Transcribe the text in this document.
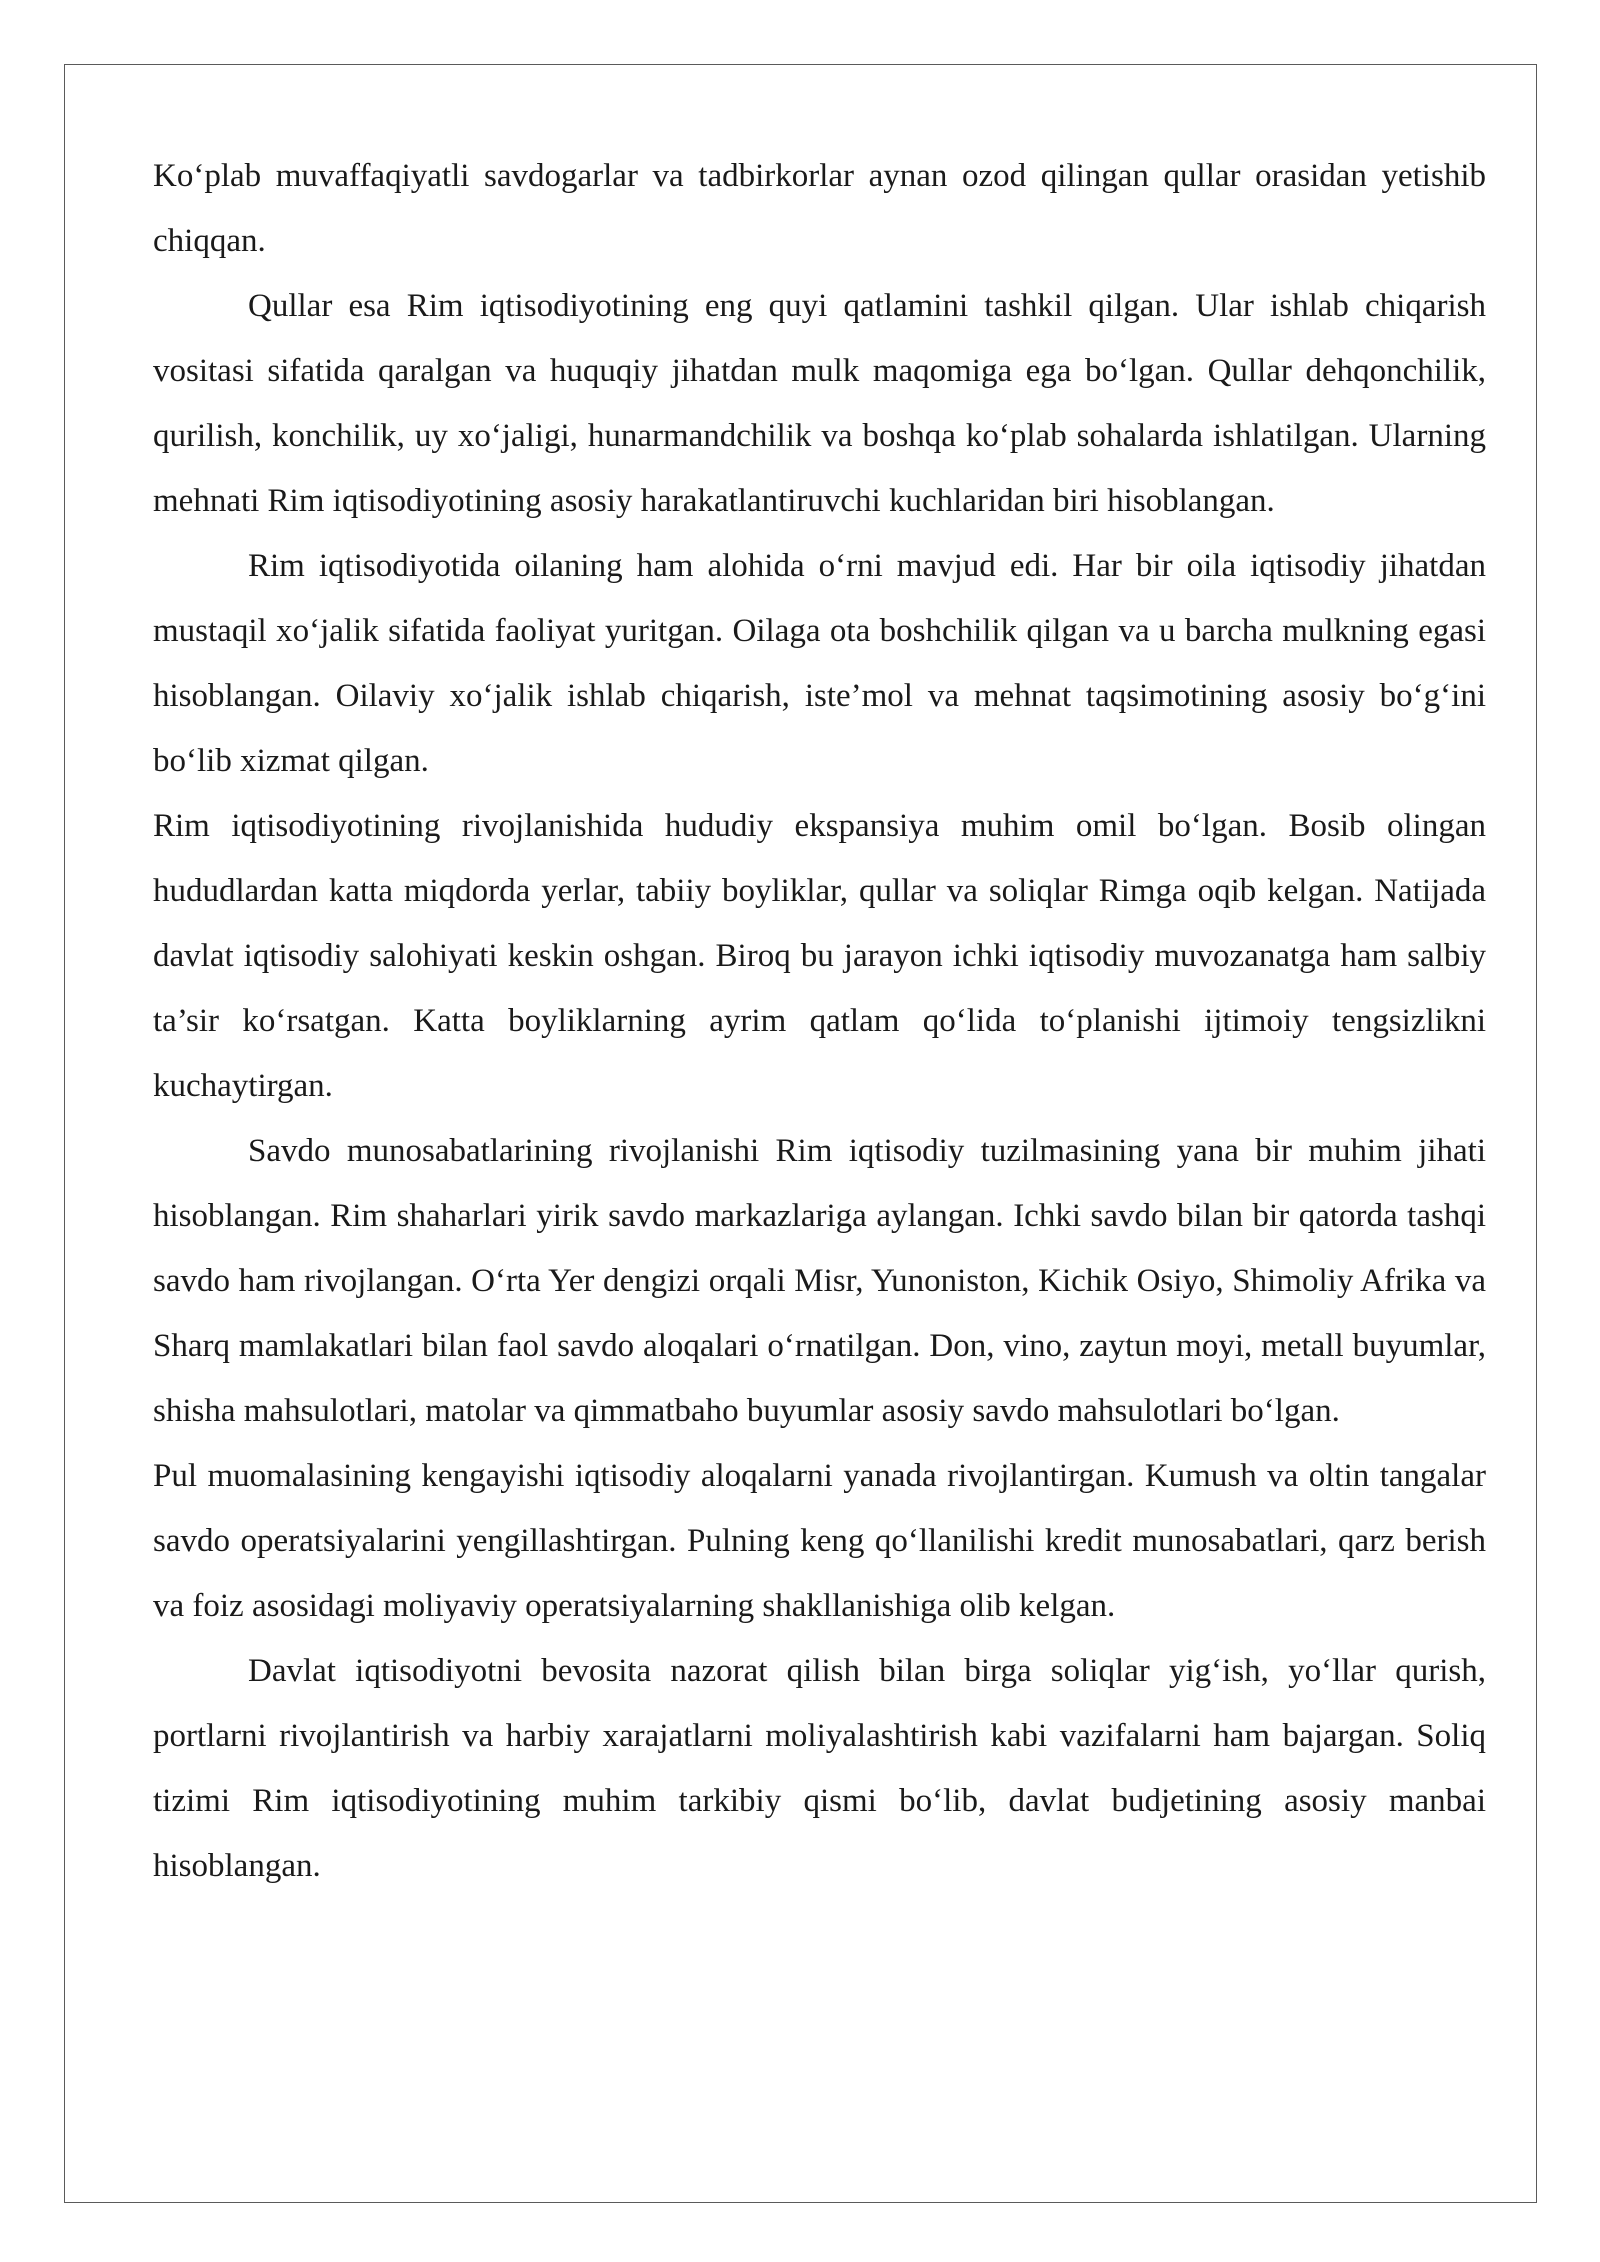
Ko‘plab muvaffaqiyatli savdogarlar va tadbirkorlar aynan ozod qilingan qullar orasidan yetishib chiqqan.

Qullar esa Rim iqtisodiyotining eng quyi qatlamini tashkil qilgan. Ular ishlab chiqarish vositasi sifatida qaralgan va huquqiy jihatdan mulk maqomiga ega bo‘lgan. Qullar dehqonchilik, qurilish, konchilik, uy xo‘jaligi, hunarmandchilik va boshqa ko‘plab sohalarda ishlatilgan. Ularning mehnati Rim iqtisodiyotining asosiy harakatlantiruvchi kuchlaridan biri hisoblangan.

Rim iqtisodiyotida oilaning ham alohida o‘rni mavjud edi. Har bir oila iqtisodiy jihatdan mustaqil xo‘jalik sifatida faoliyat yuritgan. Oilaga ota boshchilik qilgan va u barcha mulkning egasi hisoblangan. Oilaviy xo‘jalik ishlab chiqarish, iste’mol va mehnat taqsimotining asosiy bo‘g‘ini bo‘lib xizmat qilgan.

Rim iqtisodiyotining rivojlanishida hududiy ekspansiya muhim omil bo‘lgan. Bosib olingan hududlardan katta miqdorda yerlar, tabiiy boyliklar, qullar va soliqlar Rimga oqib kelgan. Natijada davlat iqtisodiy salohiyati keskin oshgan. Biroq bu jarayon ichki iqtisodiy muvozanatga ham salbiy ta’sir ko‘rsatgan. Katta boyliklarning ayrim qatlam qo‘lida to‘planishi ijtimoiy tengsizlikni kuchaytirgan.

Savdo munosabatlarining rivojlanishi Rim iqtisodiy tuzilmasining yana bir muhim jihati hisoblangan. Rim shaharlari yirik savdo markazlariga aylangan. Ichki savdo bilan bir qatorda tashqi savdo ham rivojlangan. O‘rta Yer dengizi orqali Misr, Yunoniston, Kichik Osiyo, Shimoliy Afrika va Sharq mamlakatlari bilan faol savdo aloqalari o‘rnatilgan. Don, vino, zaytun moyi, metall buyumlar, shisha mahsulotlari, matolar va qimmatbaho buyumlar asosiy savdo mahsulotlari bo‘lgan.

Pul muomalasining kengayishi iqtisodiy aloqalarni yanada rivojlantirgan. Kumush va oltin tangalar savdo operatsiyalarini yengillashtirgan. Pulning keng qo‘llanilishi kredit munosabatlari, qarz berish va foiz asosidagi moliyaviy operatsiyalarning shakllanishiga olib kelgan.

Davlat iqtisodiyotni bevosita nazorat qilish bilan birga soliqlar yig‘ish, yo‘llar qurish, portlarni rivojlantirish va harbiy xarajatlarni moliyalashtirish kabi vazifalarni ham bajargan. Soliq tizimi Rim iqtisodiyotining muhim tarkibiy qismi bo‘lib, davlat budjetining asosiy manbai hisoblangan.
